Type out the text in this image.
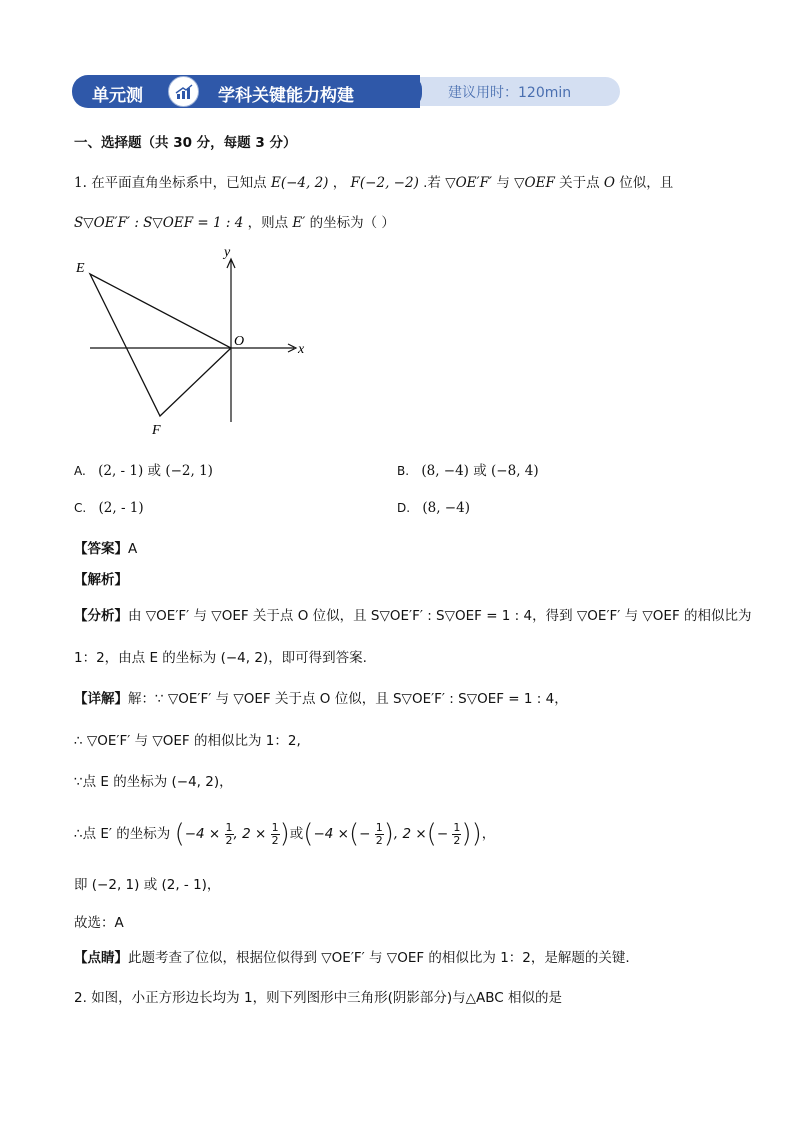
单元测	学科关键能力构建	建议用时：120min
一、选择题（共 30 分，每题 3 分）
1. 在平面直角坐标系中，已知点 E(−4, 2) ， F(−2, −2) .若 ▽OE′F′ 与 ▽OEF 关于点 O 位似，且
S▽OE′F′ : S▽OEF = 1 : 4 ，则点 E′ 的坐标为（ ）
E
F
O
x
y
A. (2, - 1) 或 (−2, 1)	B. (8, −4) 或 (−8, 4)
C. (2, - 1)	D. (8, −4)
【答案】A
【解析】
【分析】由 ▽OE′F′ 与 ▽OEF 关于点 O 位似，且 S▽OE′F′ : S▽OEF = 1 : 4，得到 ▽OE′F′ 与 ▽OEF 的相似比为
1：2，由点 E 的坐标为 (−4, 2)，即可得到答案.
【详解】解：∵ ▽OE′F′ 与 ▽OEF 关于点 O 位似，且 S▽OE′F′ : S▽OEF = 1 : 4，
∴ ▽OE′F′ 与 ▽OEF 的相似比为 1：2,
∵点 E 的坐标为 (−4, 2)，
∴点 E′ 的坐标为 ($-4 \times \frac{1}{2}$ , $2 \times \frac{1}{2}$ )或(−4 ×(− $\frac{1}{2}$ ), 2 ×(− $\frac{1}{2}$ ))，
即 (−2, 1) 或 (2, - 1)，
故选：A
【点睛】此题考查了位似，根据位似得到 ▽OE′F′ 与 ▽OEF 的相似比为 1：2，是解题的关键.
2. 如图，小正方形边长均为 1，则下列图形中三角形(阴影部分)与△ABC 相似的是
